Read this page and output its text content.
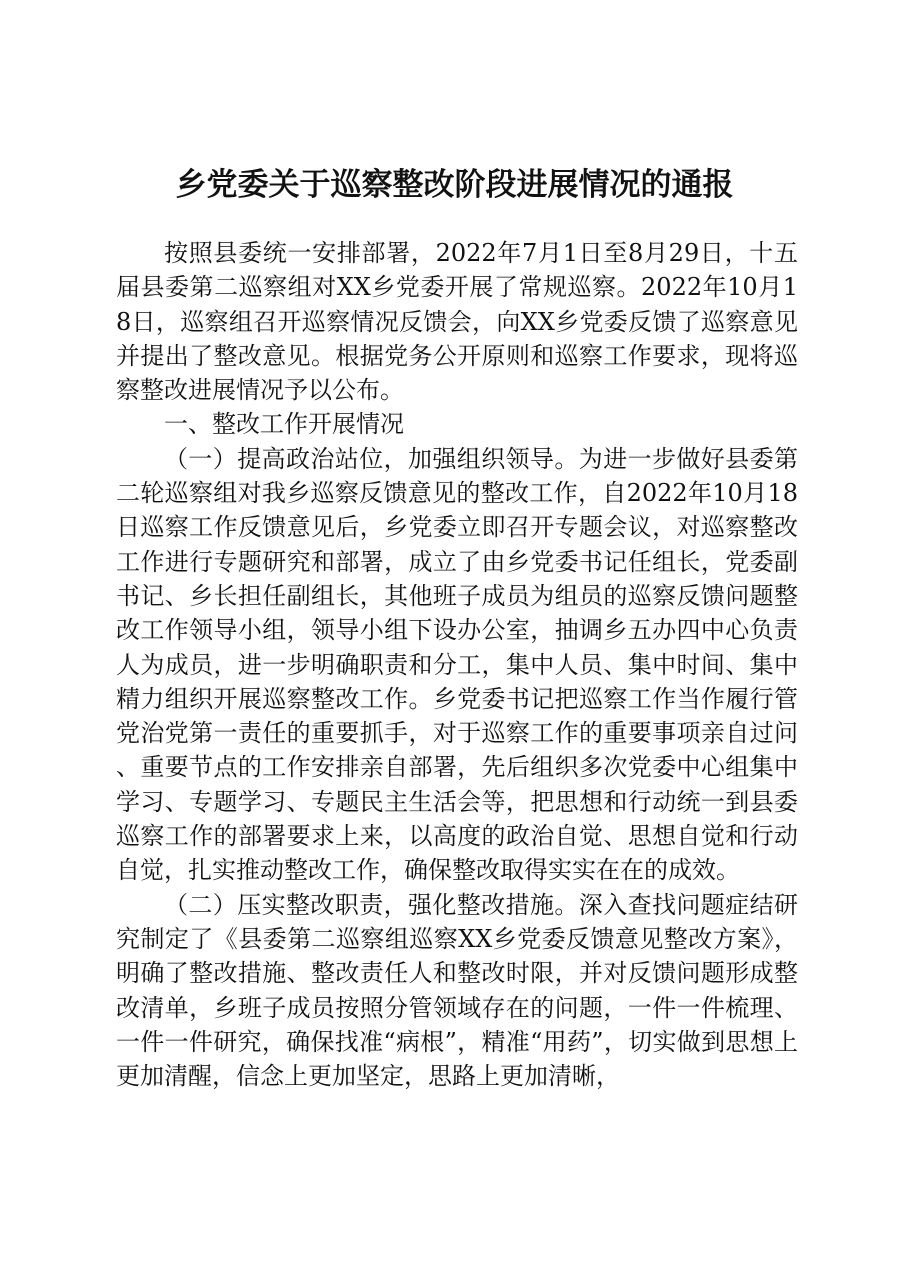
乡党委关于巡察整改阶段进展情况的通报

按照县委统一安排部署，2022年7月1日至8月29日，十五届县委第二巡察组对XX乡党委开展了常规巡察。2022年10月18日，巡察组召开巡察情况反馈会，向XX乡党委反馈了巡察意见并提出了整改意见。根据党务公开原则和巡察工作要求，现将巡察整改进展情况予以公布。

一、整改工作开展情况

（一）提高政治站位，加强组织领导。为进一步做好县委第二轮巡察组对我乡巡察反馈意见的整改工作，自2022年10月18日巡察工作反馈意见后，乡党委立即召开专题会议，对巡察整改工作进行专题研究和部署，成立了由乡党委书记任组长，党委副书记、乡长担任副组长，其他班子成员为组员的巡察反馈问题整改工作领导小组，领导小组下设办公室，抽调乡五办四中心负责人为成员，进一步明确职责和分工，集中人员、集中时间、集中精力组织开展巡察整改工作。乡党委书记把巡察工作当作履行管党治党第一责任的重要抓手，对于巡察工作的重要事项亲自过问、重要节点的工作安排亲自部署，先后组织多次党委中心组集中学习、专题学习、专题民主生活会等，把思想和行动统一到县委巡察工作的部署要求上来，以高度的政治自觉、思想自觉和行动自觉，扎实推动整改工作，确保整改取得实实在在的成效。

（二）压实整改职责，强化整改措施。深入查找问题症结研究制定了《县委第二巡察组巡察XX乡党委反馈意见整改方案》，明确了整改措施、整改责任人和整改时限，并对反馈问题形成整改清单，乡班子成员按照分管领域存在的问题，一件一件梳理、一件一件研究，确保找准“病根”，精准“用药”，切实做到思想上更加清醒，信念上更加坚定，思路上更加清晰，
